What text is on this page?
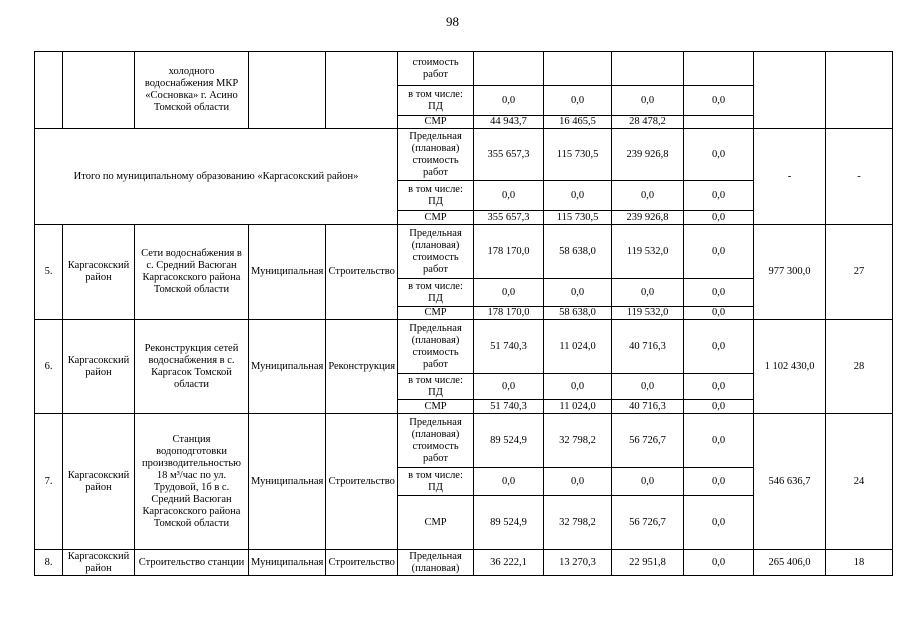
98
		холодного водоснабжения МКР «Сосновка» г. Асино Томской области			стоимость работ						
					в том числе: ПД	0,0	0,0	0,0	0,0		
					СМР	44 943,7	16 465,5	28 478,2			
Итого по муниципальному образованию «Каргасокский район»					Предельная (плановая) стоимость работ	355 657,3	115 730,5	239 926,8	0,0	-	-
					в том числе: ПД	0,0	0,0	0,0	0,0		
					СМР	355 657,3	115 730,5	239 926,8	0,0		
5.	Каргасокский район	Сети водоснабжения в с. Средний Васюган Каргасокского района Томской области	Муниципальная	Строительство	Предельная (плановая) стоимость работ	178 170,0	58 638,0	119 532,0	0,0	977 300,0	27
					в том числе: ПД	0,0	0,0	0,0	0,0		
					СМР	178 170,0	58 638,0	119 532,0	0,0		
6.	Каргасокский район	Реконструкция сетей водоснабжения в с. Каргасок Томской области	Муниципальная	Реконструкция	Предельная (плановая) стоимость работ	51 740,3	11 024,0	40 716,3	0,0	1 102 430,0	28
					в том числе: ПД	0,0	0,0	0,0	0,0		
					СМР	51 740,3	11 024,0	40 716,3	0,0		
7.	Каргасокский район	Станция водоподготовки производительностью 18 м³/час по ул. Трудовой, 1б в с. Средний Васюган Каргасокского района Томской области	Муниципальная	Строительство	Предельная (плановая) стоимость работ	89 524,9	32 798,2	56 726,7	0,0	546 636,7	24
					в том числе: ПД	0,0	0,0	0,0	0,0		
					СМР	89 524,9	32 798,2	56 726,7	0,0		
8.	Каргасокский район	Строительство станции	Муниципальная	Строительство	Предельная (плановая)	36 222,1	13 270,3	22 951,8	0,0	265 406,0	18
